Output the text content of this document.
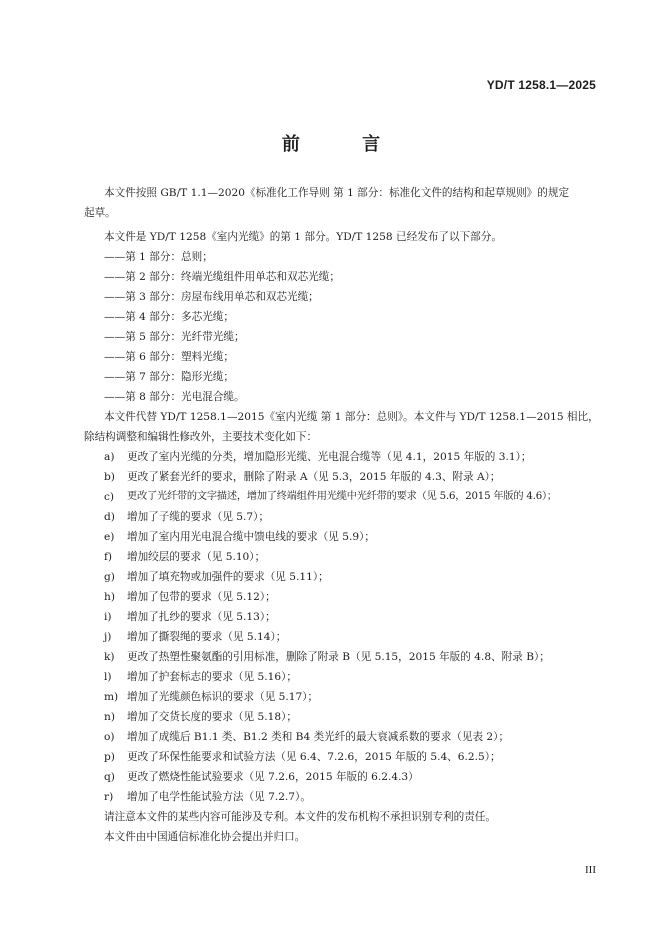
YD/T 1258.1—2025
前 言
本文件按照 GB/T 1.1—2020《标准化工作导则 第 1 部分：标准化文件的结构和起草规则》的规定
起草。
本文件是 YD/T 1258《室内光缆》的第 1 部分。YD/T 1258 已经发布了以下部分。
——第 1 部分：总则；
——第 2 部分：终端光缆组件用单芯和双芯光缆；
——第 3 部分：房屋布线用单芯和双芯光缆；
——第 4 部分：多芯光缆；
——第 5 部分：光纤带光缆；
——第 6 部分：塑料光缆；
——第 7 部分：隐形光缆；
——第 8 部分：光电混合缆。
本文件代替 YD/T 1258.1—2015《室内光缆 第 1 部分：总则》。本文件与 YD/T 1258.1—2015 相比，
除结构调整和编辑性修改外，主要技术变化如下：
a) 更改了室内光缆的分类，增加隐形光缆、光电混合缆等（见 4.1，2015 年版的 3.1）；
b) 更改了紧套光纤的要求，删除了附录 A（见 5.3，2015 年版的 4.3、附录 A）；
c) 更改了光纤带的文字描述，增加了终端组件用光缆中光纤带的要求（见 5.6，2015 年版的 4.6）；
d) 增加了子缆的要求（见 5.7）；
e) 增加了室内用光电混合缆中馈电线的要求（见 5.9）；
f) 增加绞层的要求（见 5.10）；
g) 增加了填充物或加强件的要求（见 5.11）；
h) 增加了包带的要求（见 5.12）；
i) 增加了扎纱的要求（见 5.13）；
j) 增加了撕裂绳的要求（见 5.14）；
k) 更改了热塑性聚氨酯的引用标准，删除了附录 B（见 5.15，2015 年版的 4.8、附录 B）；
l) 增加了护套标志的要求（见 5.16）；
m) 增加了光缆颜色标识的要求（见 5.17）；
n) 增加了交货长度的要求（见 5.18）；
o) 增加了成缆后 B1.1 类、B1.2 类和 B4 类光纤的最大衰减系数的要求（见表 2）；
p) 更改了环保性能要求和试验方法（见 6.4、7.2.6，2015 年版的 5.4、6.2.5）；
q) 更改了燃烧性能试验要求（见 7.2.6，2015 年版的 6.2.4.3）
r) 增加了电学性能试验方法（见 7.2.7）。
请注意本文件的某些内容可能涉及专利。本文件的发布机构不承担识别专利的责任。
本文件由中国通信标准化协会提出并归口。
III
